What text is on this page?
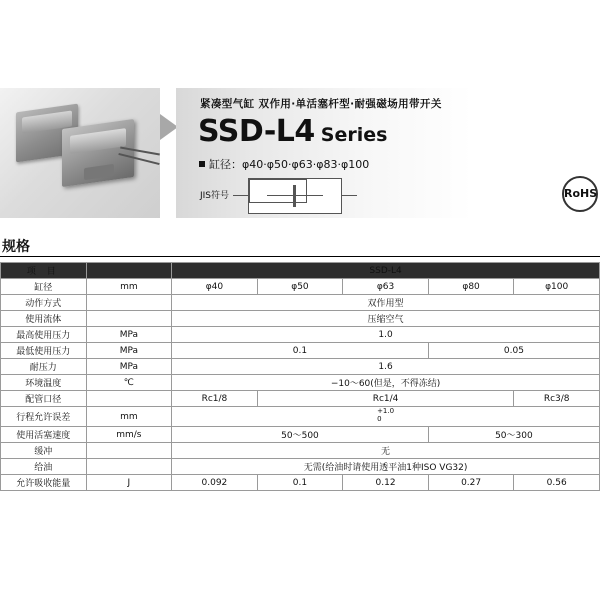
紧凑型气缸 双作用·单活塞杆型·耐强磁场用带开关
SSD-L4 Series
缸径：φ40·φ50·φ63·φ83·φ100
JIS符号	RoHS
规格
项 目		SSD-L4				
缸径	mm	φ40	φ50	φ63	φ80	φ100
动作方式		双作用型				
使用流体		压缩空气				
最高使用压力	MPa	1.0				
最低使用压力	MPa	0.1			0.05	
耐压力	MPa	1.6				
环境温度	℃	−10〜60(但是，不得冻结)				
配管口径		Rc1/8	Rc1/4			Rc3/8
行程允许误差	mm	+1.0
0				
使用活塞速度	mm/s	50〜500			50〜300	
缓冲		无				
给油		无需(给油时请使用透平油1种ISO VG32)				
允许吸收能量	J	0.092	0.1	0.12	0.27	0.56
